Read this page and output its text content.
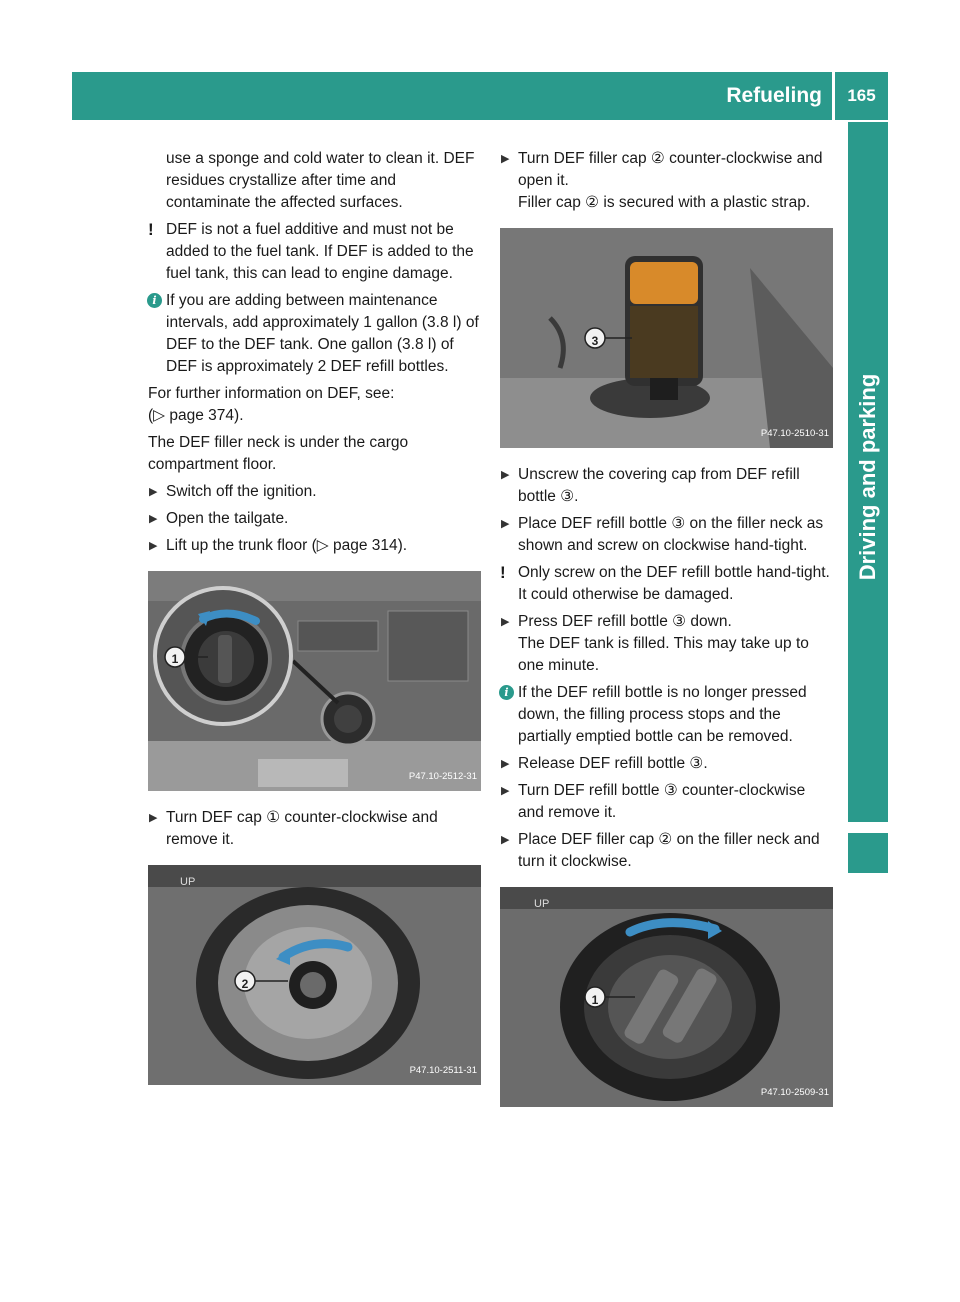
Refueling	165
Driving and parking

use a sponge and cold water to clean it. DEF residues crystallize after time and contaminate the affected surfaces.

! DEF is not a fuel additive and must not be added to the fuel tank. If DEF is added to the fuel tank, this can lead to engine damage.
i If you are adding between maintenance intervals, add approximately 1 gallon (3.8 l) of DEF to the DEF tank. One gallon (3.8 l) of DEF is approximately 2 DEF refill bottles.

For further information on DEF, see:
(▷ page 374).

The DEF filler neck is under the cargo compartment floor.

▶ Switch off the ignition.
▶ Open the tailgate.
▶ Lift up the trunk floor (▷ page 314).
1
P47.10-2512-31
▶ Turn DEF cap ① counter-clockwise and remove it.
UP
2
P47.10-2511-31
▶ Turn DEF filler cap ② counter-clockwise and open it.
Filler cap ② is secured with a plastic strap.
3
P47.10-2510-31
▶ Unscrew the covering cap from DEF refill bottle ③.
▶ Place DEF refill bottle ③ on the filler neck as shown and screw on clockwise hand-tight.
! Only screw on the DEF refill bottle hand-tight. It could otherwise be damaged.
▶ Press DEF refill bottle ③ down.
The DEF tank is filled. This may take up to one minute.
i If the DEF refill bottle is no longer pressed down, the filling process stops and the partially emptied bottle can be removed.
▶ Release DEF refill bottle ③.
▶ Turn DEF refill bottle ③ counter-clockwise and remove it.
▶ Place DEF filler cap ② on the filler neck and turn it clockwise.
UP
1
P47.10-2509-31
